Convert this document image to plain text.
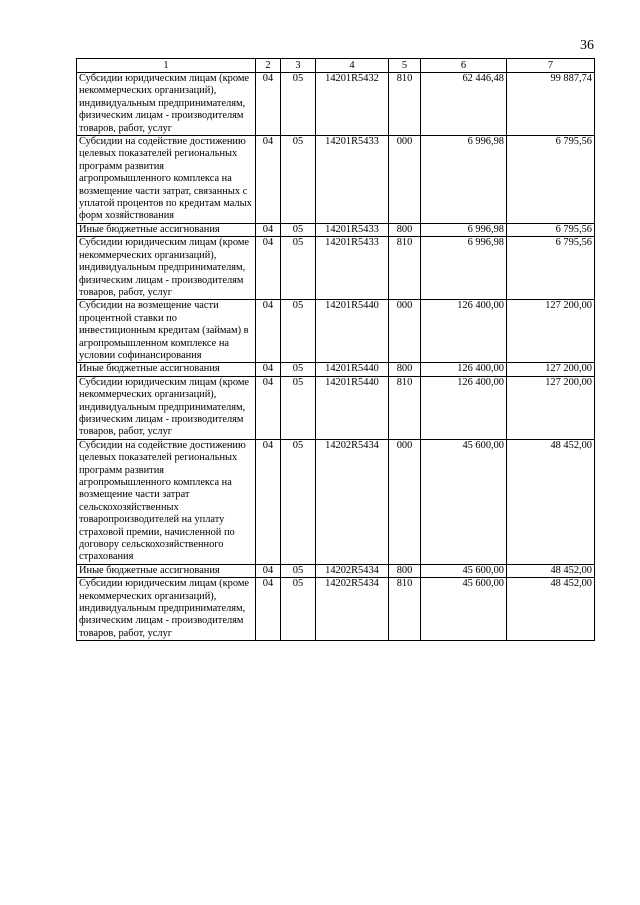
36
1	2	3	4	5	6	7
Субсидии юридическим лицам (кроме некоммерческих организаций), индивидуальным предпринимателям, физическим лицам - производителям товаров, работ, услуг	04	05	14201R5432	810	62 446,48	99 887,74
Субсидии на содействие достижению целевых показателей региональных программ развития агропромышленного комплекса на возмещение части затрат, связанных с уплатой процентов по кредитам малых форм хозяйствования	04	05	14201R5433	000	6 996,98	6 795,56
Иные бюджетные ассигнования	04	05	14201R5433	800	6 996,98	6 795,56
Субсидии юридическим лицам (кроме некоммерческих организаций), индивидуальным предпринимателям, физическим лицам - производителям товаров, работ, услуг	04	05	14201R5433	810	6 996,98	6 795,56
Субсидии на возмещение части процентной ставки по инвестиционным кредитам (займам) в агропромышленном комплексе на условии софинансирования	04	05	14201R5440	000	126 400,00	127 200,00
Иные бюджетные ассигнования	04	05	14201R5440	800	126 400,00	127 200,00
Субсидии юридическим лицам (кроме некоммерческих организаций), индивидуальным предпринимателям, физическим лицам - производителям товаров, работ, услуг	04	05	14201R5440	810	126 400,00	127 200,00
Субсидии на содействие достижению целевых показателей региональных программ развития агропромышленного комплекса на возмещение части затрат сельскохозяйственных товаропроизводителей на уплату страховой премии, начисленной по договору сельскохозяйственного страхования	04	05	14202R5434	000	45 600,00	48 452,00
Иные бюджетные ассигнования	04	05	14202R5434	800	45 600,00	48 452,00
Субсидии юридическим лицам (кроме некоммерческих организаций), индивидуальным предпринимателям, физическим лицам - производителям товаров, работ, услуг	04	05	14202R5434	810	45 600,00	48 452,00
